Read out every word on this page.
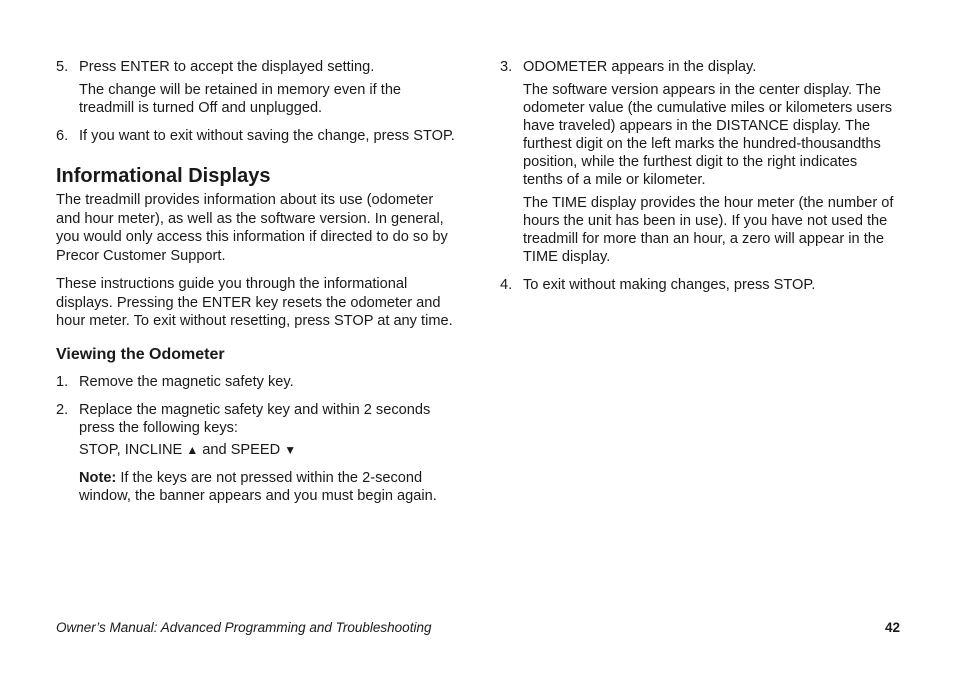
5. Press ENTER to accept the displayed setting.

The change will be retained in memory even if the treadmill is turned Off and unplugged.

6. If you want to exit without saving the change, press STOP.
Informational Displays

The treadmill provides information about its use (odometer and hour meter), as well as the software version. In general, you would only access this information if directed to do so by Precor Customer Support.

These instructions guide you through the informational displays. Pressing the ENTER key resets the odometer and hour meter. To exit without resetting, press STOP at any time.

Viewing the Odometer
1. Remove the magnetic safety key.
2. Replace the magnetic safety key and within 2 seconds press the following keys:

STOP, INCLINE ▲ and SPEED ▼

Note: If the keys are not pressed within the 2-second window, the banner appears and you must begin again.

3. ODOMETER appears in the display.

The software version appears in the center display. The odometer value (the cumulative miles or kilometers users have traveled) appears in the DISTANCE display. The furthest digit on the left marks the hundred-thousandths position, while the furthest digit to the right indicates tenths of a mile or kilometer.

The TIME display provides the hour meter (the number of hours the unit has been in use). If you have not used the treadmill for more than an hour, a zero will appear in the TIME display.

4. To exit without making changes, press STOP.
Owner’s Manual: Advanced Programming and Troubleshooting	42
